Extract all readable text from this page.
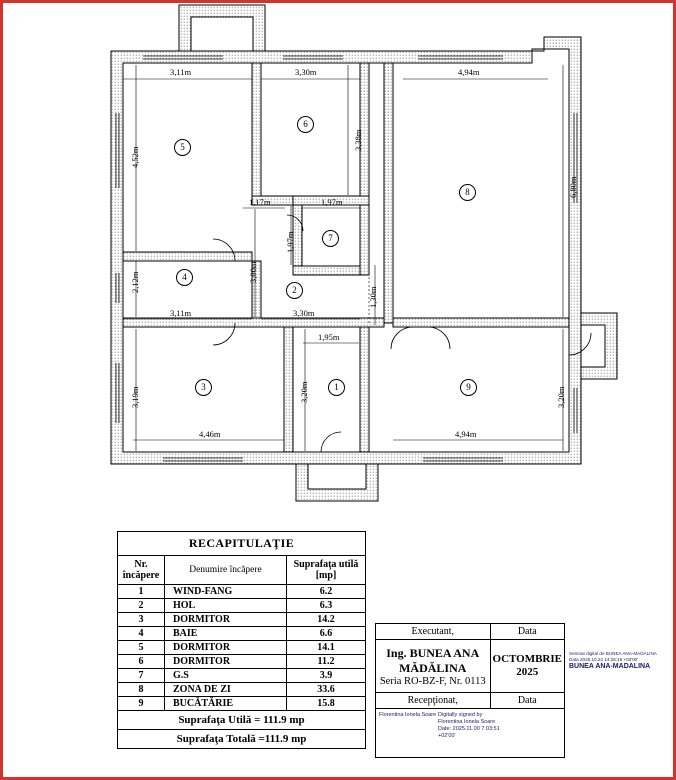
1
2
3
4
5
6
7
8
9
3,11m	3,30m	4,94m
1,17m	1,97m
3,11m	3,30m
1,95m
4,46m	4,94m
4,52m
3,38m
6,80m
1,97m
3,00m
2,12m
1,30m
3,19m	3,20m	3,20m
RECAPITULAŢIE		
Nr. încăpere	Denumire încăpere	Suprafaţa utilă [mp]
1	WIND-FANG	6.2
2	HOL	6.3
3	DORMITOR	14.2
4	BAIE	6.6
5	DORMITOR	14.1
6	DORMITOR	11.2
7	G.S	3.9
8	ZONA DE ZI	33.6
9	BUCĂTĂRIE	15.8
Suprafaţa Utilă = 111.9 mp		
Suprafaţa Totală =111.9 mp		
Executant,	Data

Ing. BUNEA ANA MĂDĂLINA	OCTOMBRIE 2025

Seria RO-BZ-F, Nr. 0113	

Recepţionat,	Data

Florentina Ionela Soare Digitally signed by Florentina Ionela Soare Date: 2025.11.00 7.03:51 +02'00'	
Semnat digital de BUNEA ANA-MADALINA Data 2025.10.24 14:26:18 +03'00'
BUNEA ANA-MADALINA
